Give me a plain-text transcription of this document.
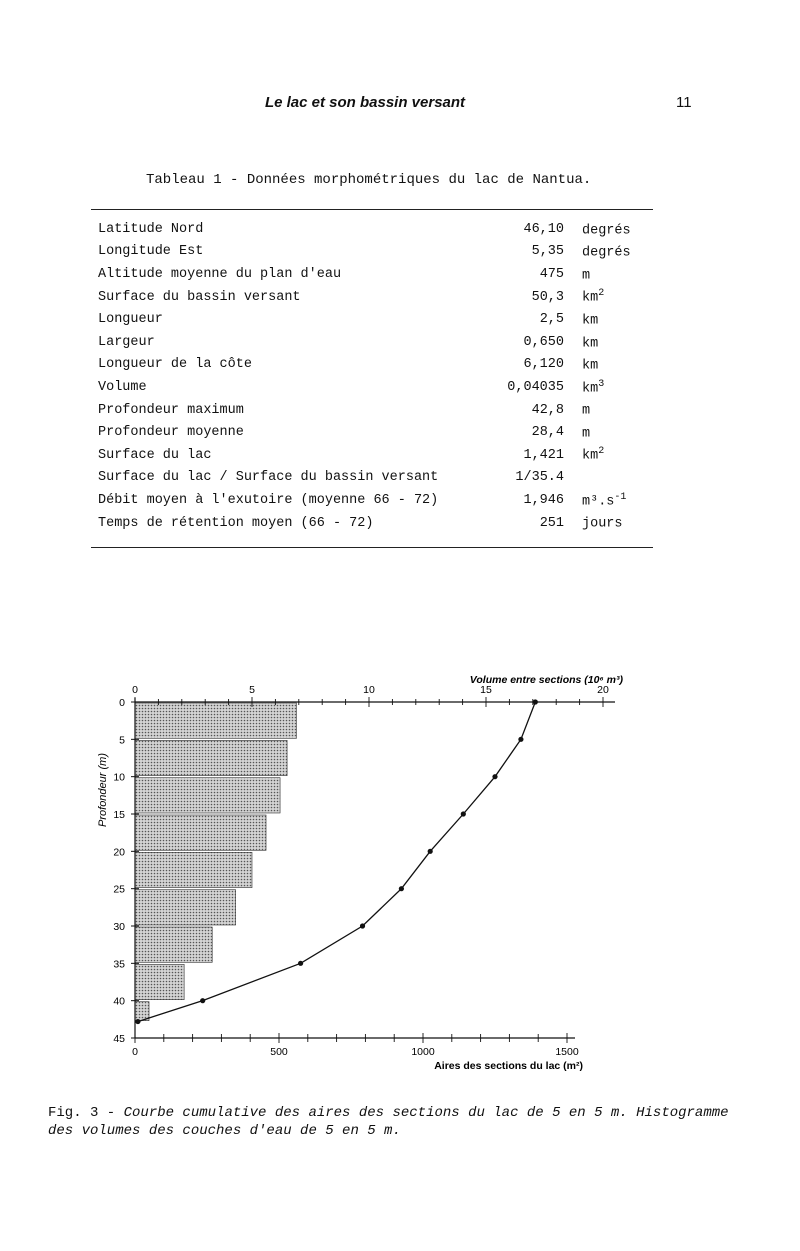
Le lac et son bassin versant	11
Tableau 1 - Données morphométriques du lac de Nantua.
Latitude Nord	46,10	degrés
Longitude Est	5,35	degrés
Altitude moyenne du plan d'eau	475	m
Surface du bassin versant	50,3	$km^2$
Longueur	2,5	km
Largeur	0,650	km
Longueur de la côte	6,120	km
Volume	0,04035	$km^3$
Profondeur maximum	42,8	m
Profondeur moyenne	28,4	m
Surface du lac	1,421	$km^2$
Surface du lac / Surface du bassin versant	1/35.4	
Débit moyen à l'exutoire (moyenne 66 - 72)	1,946	$m^3.s^{-1}$
Temps de rétention moyen (66 - 72)	251	jours
0
5
10
15
20
25
30
35
40
45
0	5	10	15	20
0	500	1000	1500
Profondeur (m)
Volume entre sections (10⁶ m³)
Aires des sections du lac (m²)
Fig. 3 - Courbe cumulative des aires des sections du lac de 5 en 5 m. Histogramme des volumes des couches d'eau de 5 en 5 m.
